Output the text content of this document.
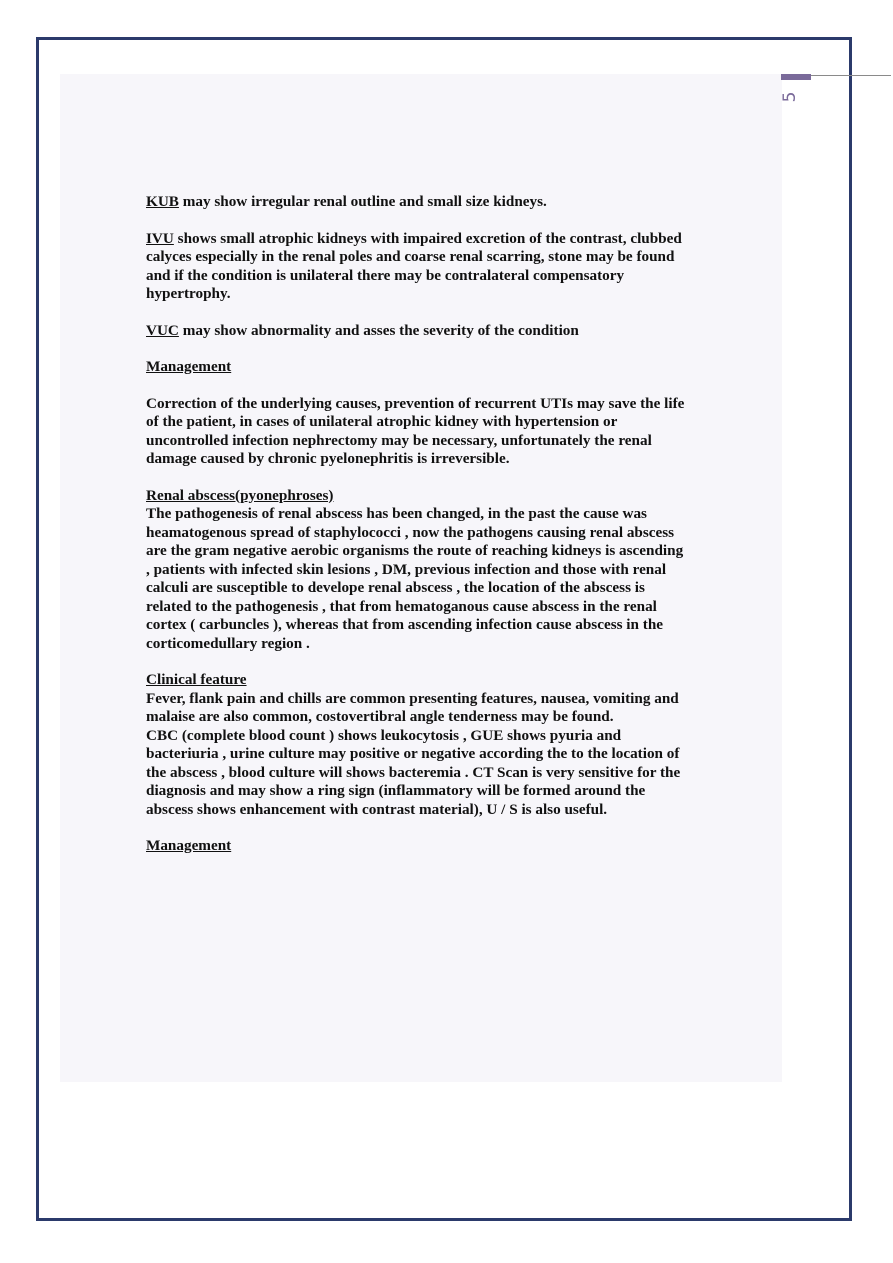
5

KUB may show irregular renal outline and small size kidneys.

IVU shows small atrophic kidneys with impaired excretion of the contrast, clubbed calyces especially in the renal poles and coarse renal scarring, stone may be found and if the condition is unilateral there may be contralateral compensatory hypertrophy.

VUC may show abnormality and asses the severity of the condition

Management

Correction of the underlying causes, prevention of recurrent UTIs may save the life of the patient, in cases of unilateral atrophic kidney with hypertension or uncontrolled infection nephrectomy may be necessary, unfortunately the renal damage caused by chronic pyelonephritis is irreversible.

Renal abscess(pyonephroses)

The pathogenesis of renal abscess has been changed, in the past the cause was heamatogenous spread of staphylococci , now the pathogens causing renal abscess are the gram negative aerobic organisms the route of reaching kidneys is ascending , patients with infected skin lesions , DM, previous infection and those with renal calculi are susceptible to develope renal abscess , the location of the abscess is related to the pathogenesis , that from hematoganous cause abscess in the renal cortex ( carbuncles ), whereas that from ascending infection cause abscess in the corticomedullary region .

Clinical feature

Fever, flank pain and chills are common presenting features, nausea, vomiting and malaise are also common, costovertibral angle tenderness may be found.

CBC (complete blood count ) shows leukocytosis , GUE shows pyuria and bacteriuria , urine culture may positive or negative according the to the location of the abscess , blood culture will shows bacteremia . CT Scan is very sensitive for the diagnosis and may show a ring sign (inflammatory will be formed around the abscess shows enhancement with contrast material), U / S is also useful.

Management
